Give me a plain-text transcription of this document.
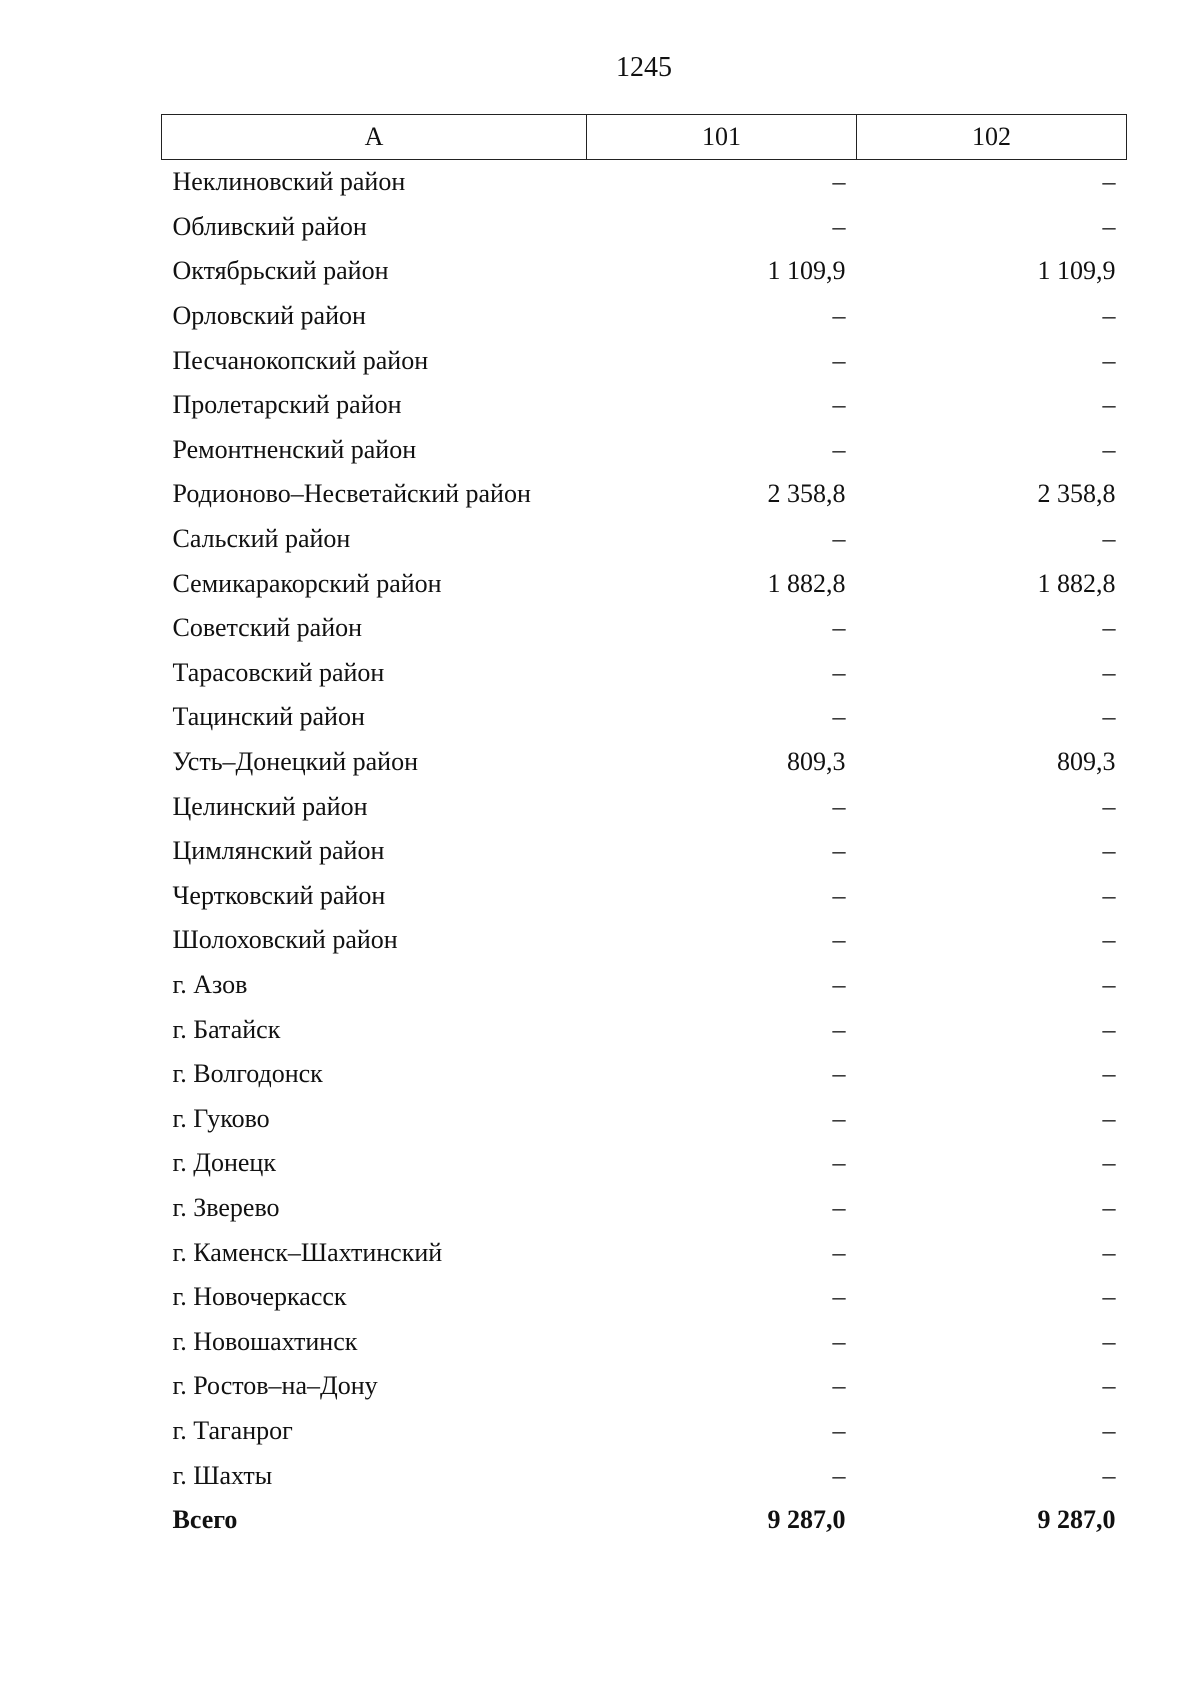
1245
А	101	102
Неклиновский район	–	–
Обливский район	–	–
Октябрьский район	1 109,9	1 109,9
Орловский район	–	–
Песчанокопский район	–	–
Пролетарский район	–	–
Ремонтненский район	–	–
Родионово–Несветайский район	2 358,8	2 358,8
Сальский район	–	–
Семикаракорский район	1 882,8	1 882,8
Советский район	–	–
Тарасовский район	–	–
Тацинский район	–	–
Усть–Донецкий район	809,3	809,3
Целинский район	–	–
Цимлянский район	–	–
Чертковский район	–	–
Шолоховский район	–	–
г. Азов	–	–
г. Батайск	–	–
г. Волгодонск	–	–
г. Гуково	–	–
г. Донецк	–	–
г. Зверево	–	–
г. Каменск–Шахтинский	–	–
г. Новочеркасск	–	–
г. Новошахтинск	–	–
г. Ростов–на–Дону	–	–
г. Таганрог	–	–
г. Шахты	–	–
Всего	9 287,0	9 287,0
